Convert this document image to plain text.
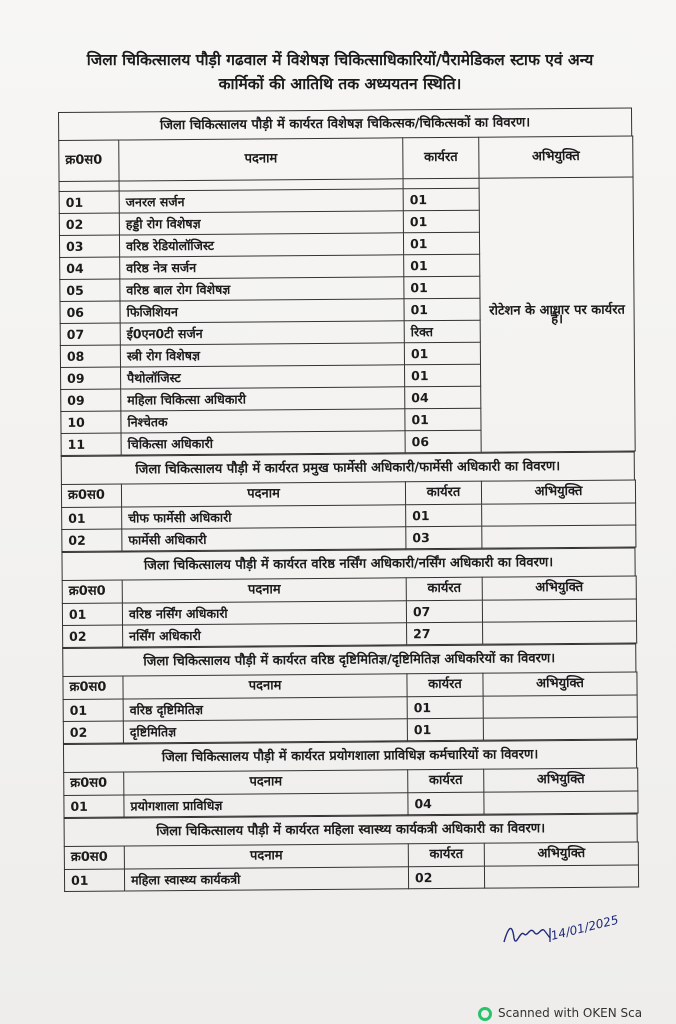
जिला चिकित्सालय पौड़ी गढवाल में विशेषज्ञ चिकित्साधिकारियों/पैरामेडिकल स्टाफ एवं अन्य
कार्मिकों की आतिथि तक अध्ययतन स्थिति।
जिला चिकित्सालय पौड़ी में कार्यरत विशेषज्ञ चिकित्सक/चिकित्सकों का विवरण।
क्र0स0	पदनाम	कार्यरत	अभियुक्ति
			रोटेशन के आधार पर कार्यरत है।
01	जनरल सर्जन	01	
02	हड्डी रोग विशेषज्ञ	01	
03	वरिष्ठ रेडियोलॉजिस्ट	01	
04	वरिष्ठ नेत्र सर्जन	01	
05	वरिष्ठ बाल रोग विशेषज्ञ	01	
06	फिजिशियन	01	
07	ई0एन0टी सर्जन	रिक्त	
08	स्त्री रोग विशेषज्ञ	01	
09	पैथोलॉजिस्ट	01	
09	महिला चिकित्सा अधिकारी	04	
10	निश्चेतक	01	
11	चिकित्सा अधिकारी	06	
जिला चिकित्सालय पौड़ी में कार्यरत प्रमुख फार्मेसी अधिकारी/फार्मेसी अधिकारी का विवरण।
क्र0स0	पदनाम	कार्यरत	अभियुक्ति
01	चीफ फार्मेसी अधिकारी	01	
02	फार्मेसी अधिकारी	03	
जिला चिकित्सालय पौड़ी में कार्यरत वरिष्ठ नर्सिंग अधिकारी/नर्सिंग अधिकारी का विवरण।
क्र0स0	पदनाम	कार्यरत	अभियुक्ति
01	वरिष्ठ नर्सिंग अधिकारी	07	
02	नर्सिंग अधिकारी	27	
जिला चिकित्सालय पौड़ी में कार्यरत वरिष्ठ दृष्टिमितिज्ञ/दृष्टिमितिज्ञ अधिकरियों का विवरण।
क्र0स0	पदनाम	कार्यरत	अभियुक्ति
01	वरिष्ठ दृष्टिमितिज्ञ	01	
02	दृष्टिमितिज्ञ	01	
जिला चिकित्सालय पौड़ी में कार्यरत प्रयोगशाला प्राविधिज्ञ कर्मचारियों का विवरण।
क्र0स0	पदनाम	कार्यरत	अभियुक्ति
01	प्रयोगशाला प्राविधिज्ञ	04	
जिला चिकित्सालय पौड़ी में कार्यरत महिला स्वास्थ्य कार्यकत्री अधिकारी का विवरण।
क्र0स0	पदनाम	कार्यरत	अभियुक्ति
01	महिला स्वास्थ्य कार्यकत्री	02	
14/01/2025
Scanned with OKEN Sca
